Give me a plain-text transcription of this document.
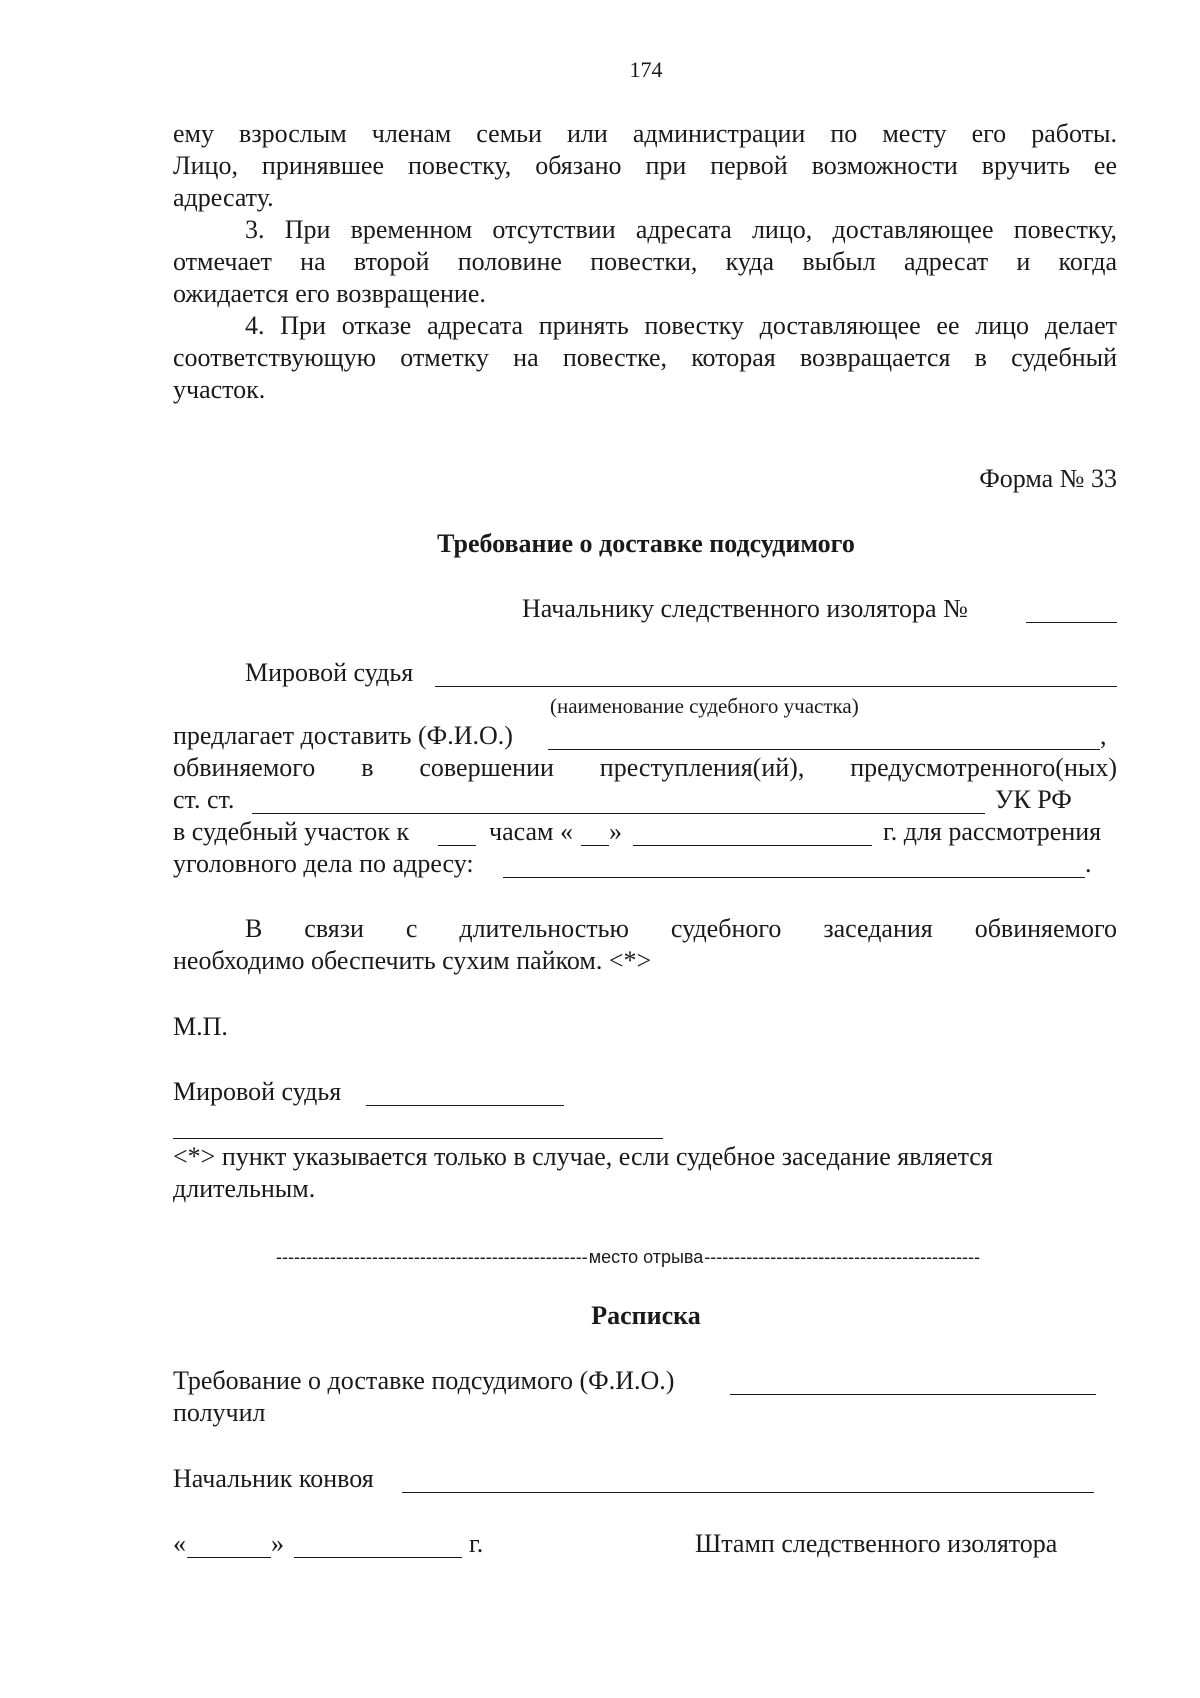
174
ему взрослым членам семьи или администрации по месту его работы.
Лицо, принявшее повестку, обязано при первой возможности вручить ее
адресату.
3. При временном отсутствии адресата лицо, доставляющее повестку,
отмечает на второй половине повестки, куда выбыл адресат и когда
ожидается его возвращение.
4. При отказе адресата принять повестку доставляющее ее лицо делает
соответствующую отметку на повестке, которая возвращается в судебный
участок.
Форма № 33
Требование о доставке подсудимого
Начальнику следственного изолятора №
Мировой судья
(наименование судебного участка)
предлагает доставить (Ф.И.О.)	,
обвиняемого в совершении преступления(ий), предусмотренного(ных)
ст. ст.	УК РФ
в судебный участок к	часам « »	г. для рассмотрения
уголовного дела по адресу:	.
В связи с длительностью судебного заседания обвиняемого
необходимо обеспечить сухим пайком. <*>
М.П.
Мировой судья
<*> пункт указывается только в случае, если судебное заседание является
длительным.
---------------------------------------------------- место отрыва ----------------------------------------------
Расписка
Требование о доставке подсудимого (Ф.И.О.)
получил
Начальник конвоя
«	»	г.	Штамп следственного изолятора
